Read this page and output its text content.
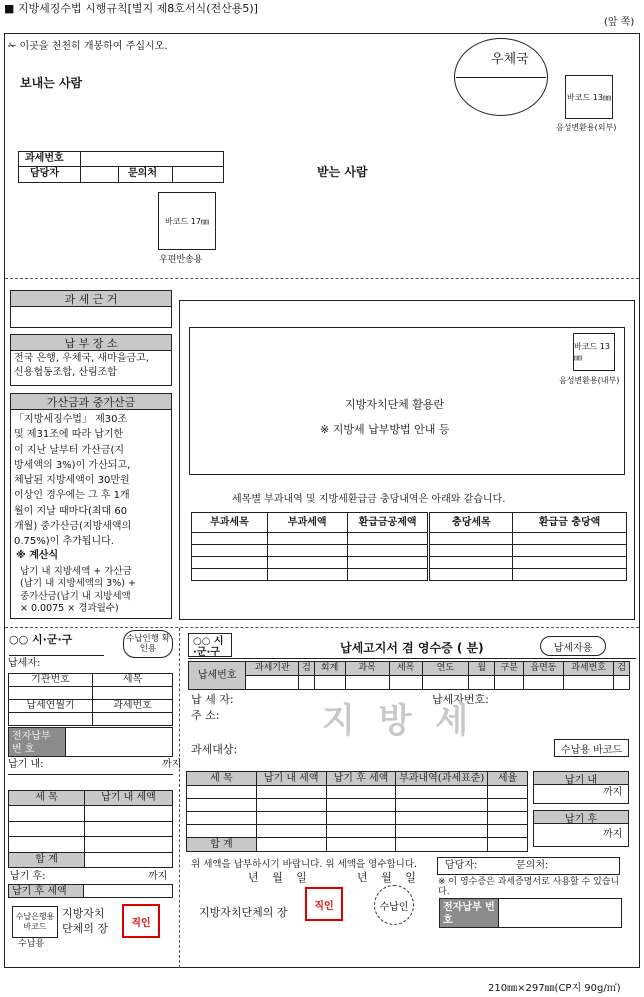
■ 지방세징수법 시행규칙[별지 제8호서식(전산용5)]
(앞 쪽)
✁ 이곳을 천천히 개봉하여 주십시오.
보내는 사람
우체국
바코드 13㎜
음성변환용(외부)
과세번호
담당자	문의처	받는 사람
바코드 17㎜
우편반송용
과 세 근 거
납 부 장 소
전국 은행, 우체국, 새마을금고,
신용협동조합, 산림조합
가산금과 중가산금
「지방세징수법」 제30조
및 제31조에 따라 납기한
이 지난 날부터 가산금(지
방세액의 3%)이 가산되고,
체납된 지방세액이 30만원
이상인 경우에는 그 후 1개
월이 지날 때마다(최대 60
개월) 중가산금(지방세액의
0.75%)이 추가됩니다.
※ 계산식
납기 내 지방세액 + 가산금
(납기 내 지방세액의 3%) +
중가산금(납기 내 지방세액
× 0.0075 × 경과월수)
바코드 13㎜
음성변환용(내부)
지방자치단체 활용란
※ 지방세 납부방법 안내 등
세목별 부과내역 및 지방세환급금 충당내역은 아래와 같습니다.
부과세목	부과세액	환급금공제액	충당세목	환급금 충당액

○○ 시·군·구	수납인행 확인용
납세자:
기관번호	세목

납세연월기	과세번호

전자납부 번 호
납기 내:	까지
세 목	납기 내 세액

합 계	
납기 후:	까지
납기 후 세액
수납은행용 바코드
지방자치 단체의 장	직인
수납용
○○ 시·군·구	납세고지서 겸 영수증 ( 분)	납세자용
납세번호	과세기관	검	회계	과목	세목	연도	월	구분	읍면동	과세번호	검

납 세 자:
주 소:
납세자번호:
지 방 세
과세대상:	수납용 바코드
세 목	납기 내 세액	납기 후 세액	부과내역(과세표준)	세율

합 계				
납기 내
까지
납기 후
까지
위 세액을 납부하시기 바랍니다. 위 세액을 영수합니다.
년 월 일	년 월 일
담당자:	문의처:
※ 이 영수증은 과세증명서로 사용할 수 있습니다.
지방자치단체의 장	직인	수납인	전자납부 번 호
210㎜×297㎜(CP지 90g/㎡)
